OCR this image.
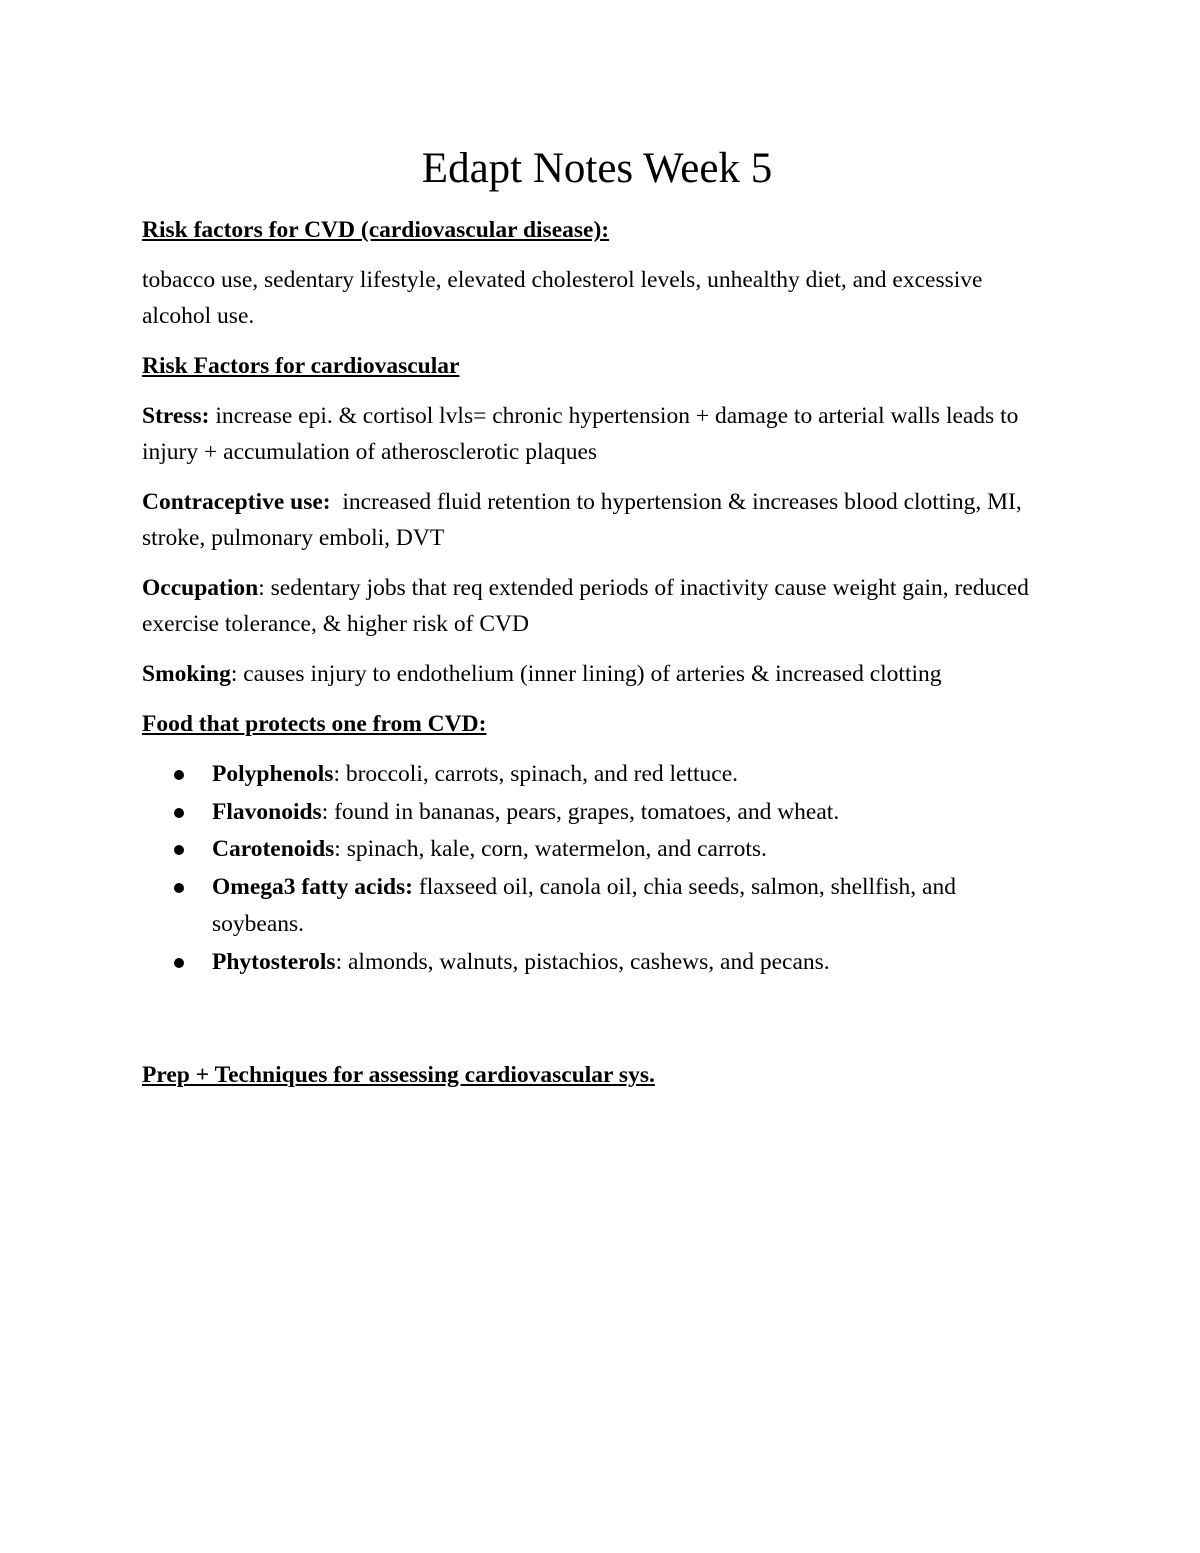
Edapt Notes Week 5
Risk factors for CVD (cardiovascular disease):

tobacco use, sedentary lifestyle, elevated cholesterol levels, unhealthy diet, and excessive alcohol use.

Risk Factors for cardiovascular

Stress: increase epi. & cortisol lvls= chronic hypertension + damage to arterial walls leads to injury + accumulation of atherosclerotic plaques

Contraceptive use:  increased fluid retention to hypertension & increases blood clotting, MI, stroke, pulmonary emboli, DVT

Occupation: sedentary jobs that req extended periods of inactivity cause weight gain, reduced exercise tolerance, & higher risk of CVD

Smoking: causes injury to endothelium (inner lining) of arteries & increased clotting

Food that protects one from CVD:
Polyphenols: broccoli, carrots, spinach, and red lettuce.
Flavonoids: found in bananas, pears, grapes, tomatoes, and wheat.
Carotenoids: spinach, kale, corn, watermelon, and carrots.
Omega3 fatty acids: flaxseed oil, canola oil, chia seeds, salmon, shellfish, and soybeans.
Phytosterols: almonds, walnuts, pistachios, cashews, and pecans.
Prep + Techniques for assessing cardiovascular sys.
